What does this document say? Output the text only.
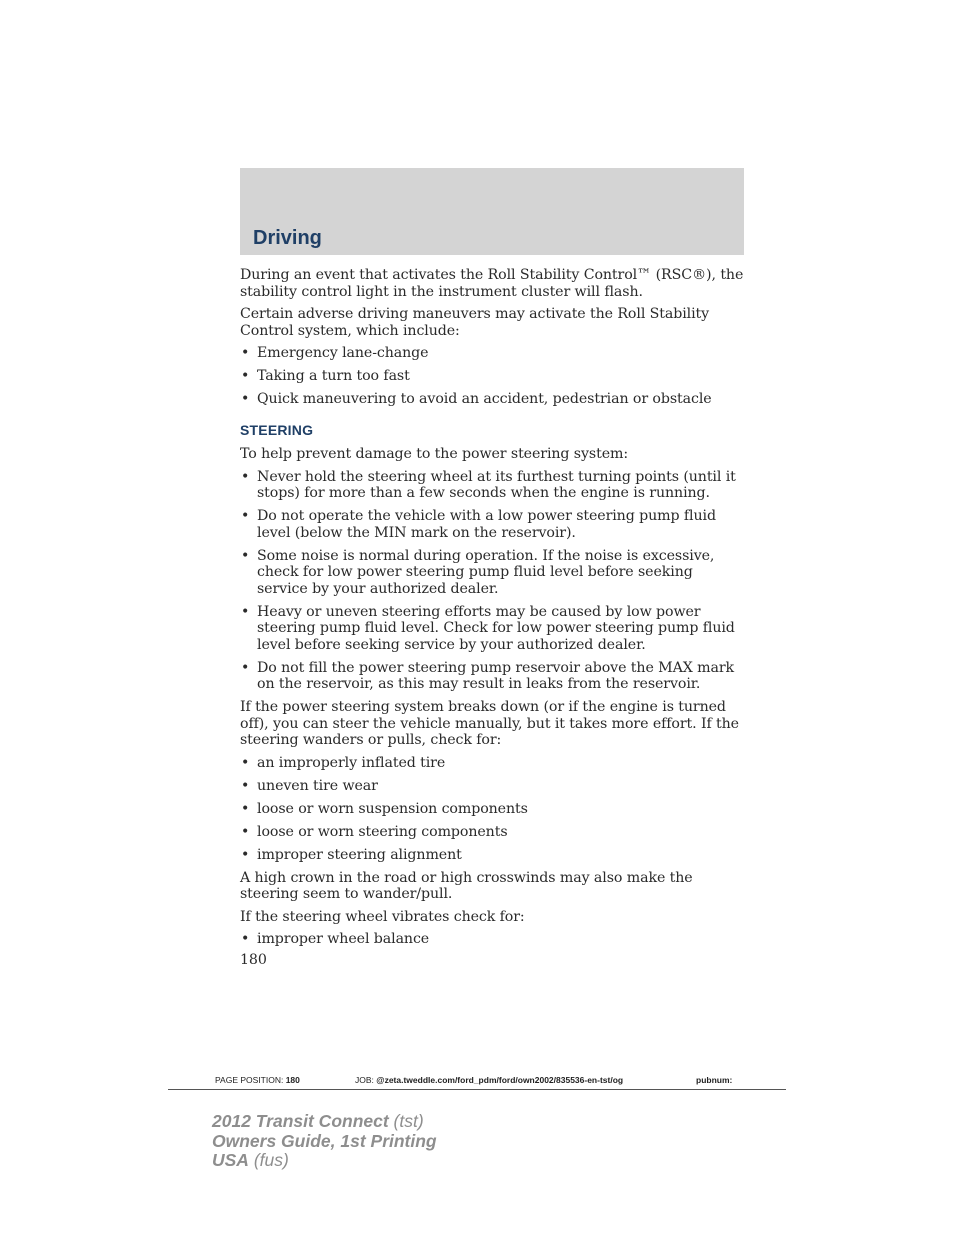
Driving

During an event that activates the Roll Stability Control™ (RSC®), the stability control light in the instrument cluster will flash.

Certain adverse driving maneuvers may activate the Roll Stability Control system, which include:

• Emergency lane-change
• Taking a turn too fast
• Quick maneuvering to avoid an accident, pedestrian or obstacle
STEERING

To help prevent damage to the power steering system:

• Never hold the steering wheel at its furthest turning points (until it stops) for more than a few seconds when the engine is running.
• Do not operate the vehicle with a low power steering pump fluid level (below the MIN mark on the reservoir).
• Some noise is normal during operation. If the noise is excessive, check for low power steering pump fluid level before seeking service by your authorized dealer.
• Heavy or uneven steering efforts may be caused by low power steering pump fluid level. Check for low power steering pump fluid level before seeking service by your authorized dealer.
• Do not fill the power steering pump reservoir above the MAX mark on the reservoir, as this may result in leaks from the reservoir.

If the power steering system breaks down (or if the engine is turned off), you can steer the vehicle manually, but it takes more effort. If the steering wanders or pulls, check for:

• an improperly inflated tire
• uneven tire wear
• loose or worn suspension components
• loose or worn steering components
• improper steering alignment

A high crown in the road or high crosswinds may also make the steering seem to wander/pull.

If the steering wheel vibrates check for:

• improper wheel balance
180
PAGE POSITION: 180	JOB: @zeta.tweddle.com/ford_pdm/ford/own2002/835536-en-tst/og	pubnum:
2012 Transit Connect (tst)
Owners Guide, 1st Printing
USA (fus)
